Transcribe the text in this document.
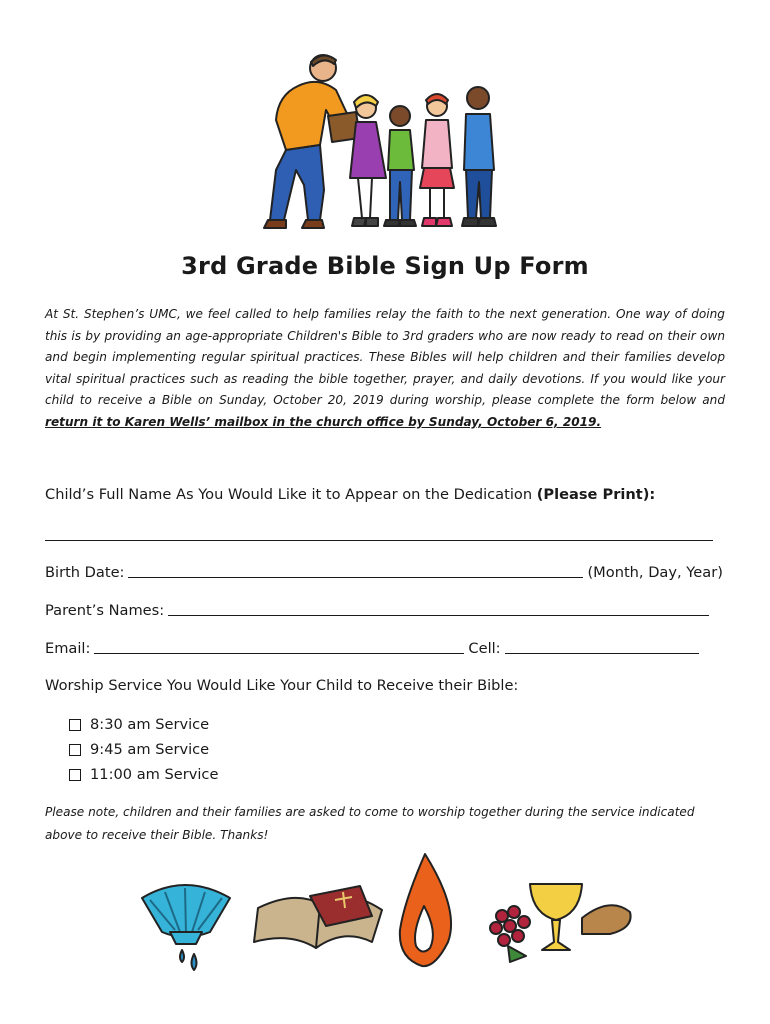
3rd Grade Bible Sign Up Form
At St. Stephen’s UMC, we feel called to help families relay the faith to the next generation. One way of doing this is by providing an age-appropriate Children's Bible to 3rd graders who are now ready to read on their own and begin implementing regular spiritual practices. These Bibles will help children and their families develop vital spiritual practices such as reading the bible together, prayer, and daily devotions. If you would like your child to receive a Bible on Sunday, October 20, 2019 during worship, please complete the form below and return it to Karen Wells’ mailbox in the church office by Sunday, October 6, 2019.
Child’s Full Name As You Would Like it to Appear on the Dedication (Please Print):
Birth Date:	(Month, Day, Year)
Parent’s Names:
Email:	Cell:
Worship Service You Would Like Your Child to Receive their Bible:
8:30 am Service
9:45 am Service
11:00 am Service
Please note, children and their families are asked to come to worship together during the service indicated above to receive their Bible. Thanks!
